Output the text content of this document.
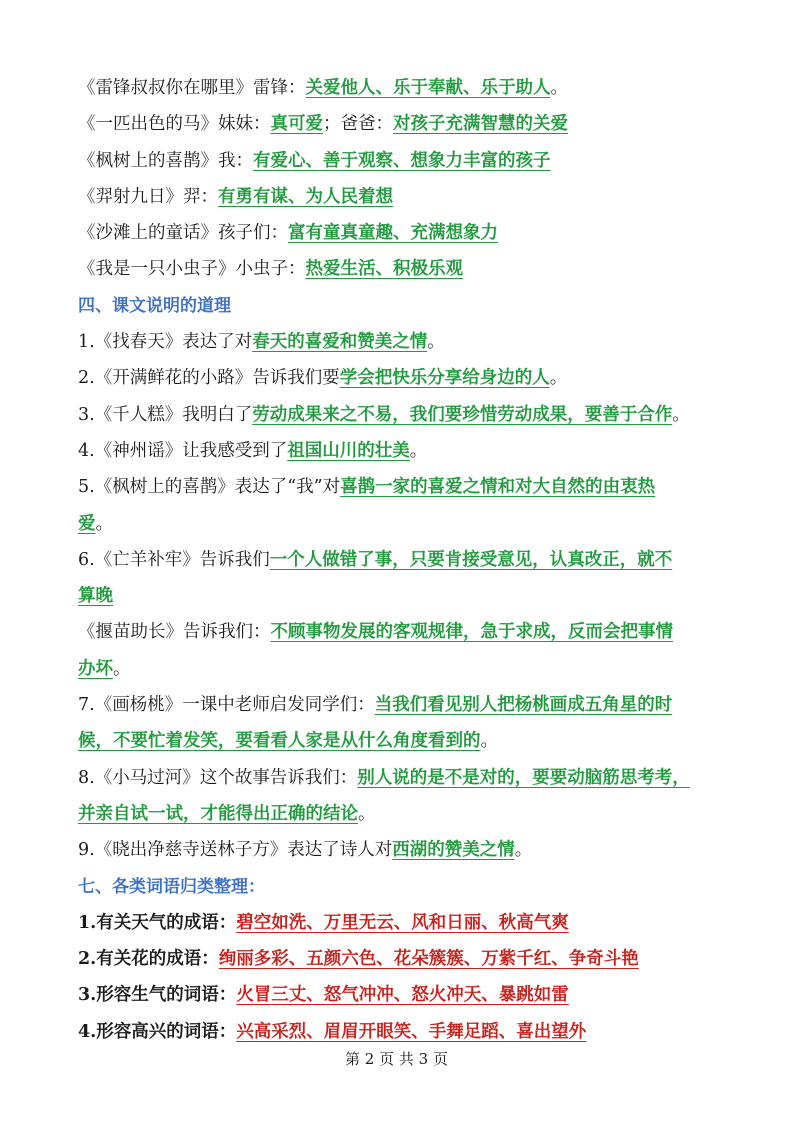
《雷锋叔叔你在哪里》雷锋：关爱他人、乐于奉献、乐于助人。
《一匹出色的马》妹妹：真可爱；爸爸：对孩子充满智慧的关爱
《枫树上的喜鹊》我：有爱心、善于观察、想象力丰富的孩子
《羿射九日》羿：有勇有谋、为人民着想
《沙滩上的童话》孩子们：富有童真童趣、充满想象力
《我是一只小虫子》小虫子：热爱生活、积极乐观
四、课文说明的道理
1.《找春天》表达了对春天的喜爱和赞美之情。
2.《开满鲜花的小路》告诉我们要学会把快乐分享给身边的人。
3.《千人糕》我明白了劳动成果来之不易，我们要珍惜劳动成果，要善于合作。
4.《神州谣》让我感受到了祖国山川的壮美。
5.《枫树上的喜鹊》表达了“我”对喜鹊一家的喜爱之情和对大自然的由衷热
爱。
6.《亡羊补牢》告诉我们一个人做错了事，只要肯接受意见，认真改正，就不
算晚
《揠苗助长》告诉我们：不顾事物发展的客观规律，急于求成，反而会把事情
办坏。
7.《画杨桃》一课中老师启发同学们：当我们看见别人把杨桃画成五角星的时
候，不要忙着发笑，要看看人家是从什么角度看到的。
8.《小马过河》这个故事告诉我们：别人说的是不是对的，要要动脑筋思考考，
并亲自试一试，才能得出正确的结论。
9.《晓出净慈寺送林子方》表达了诗人对西湖的赞美之情。
七、各类词语归类整理：
1.有关天气的成语：碧空如洗、万里无云、风和日丽、秋高气爽
2.有关花的成语：绚丽多彩、五颜六色、花朵簇簇、万紫千红、争奇斗艳
3.形容生气的词语：火冒三丈、怒气冲冲、怒火冲天、暴跳如雷
4.形容高兴的词语：兴高采烈、眉眉开眼笑、手舞足蹈、喜出望外
第 2 页 共 3 页
